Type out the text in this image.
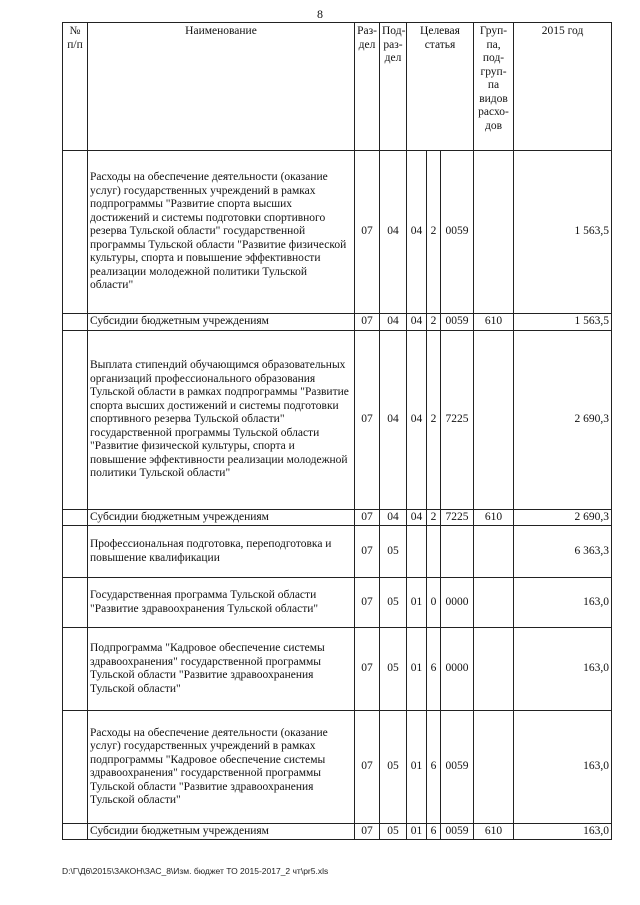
8
№ п/п	Наименование	Раз-дел	Под-раз-дел	Целевая статья			Груп-па, под-груп-па видов расхо-дов	2015 год
	Расходы на обеспечение деятельности (оказание услуг) государственных учреждений в рамках подпрограммы "Развитие спорта высших достижений и системы подготовки спортивного резерва Тульской области" государственной программы Тульской области "Развитие физической культуры, спорта и повышение эффективности реализации молодежной политики Тульской области"	07	04	04	2	0059		1 563,5
	Субсидии бюджетным учреждениям	07	04	04	2	0059	610	1 563,5
	Выплата стипендий обучающимся образовательных организаций профессионального образования Тульской области в рамках подпрограммы "Развитие спорта высших достижений и системы подготовки спортивного резерва Тульской области" государственной программы Тульской области "Развитие физической культуры, спорта и повышение эффективности реализации молодежной политики Тульской области"	07	04	04	2	7225		2 690,3
	Субсидии бюджетным учреждениям	07	04	04	2	7225	610	2 690,3
	Профессиональная подготовка, переподготовка и повышение квалификации	07	05					6 363,3
	Государственная программа Тульской области "Развитие здравоохранения Тульской области"	07	05	01	0	0000		163,0
	Подпрограмма "Кадровое обеспечение системы здравоохранения" государственной программы Тульской области "Развитие здравоохранения Тульской области"	07	05	01	6	0000		163,0
	Расходы на обеспечение деятельности (оказание услуг) государственных учреждений в рамках подпрограммы "Кадровое обеспечение системы здравоохранения" государственной программы Тульской области "Развитие здравоохранения Тульской области"	07	05	01	6	0059		163,0
	Субсидии бюджетным учреждениям	07	05	01	6	0059	610	163,0
D:\Г\Д6\2015\ЗАКОН\ЗАС_8\Изм. бюджет ТО 2015-2017_2 чт\pr5.xls
